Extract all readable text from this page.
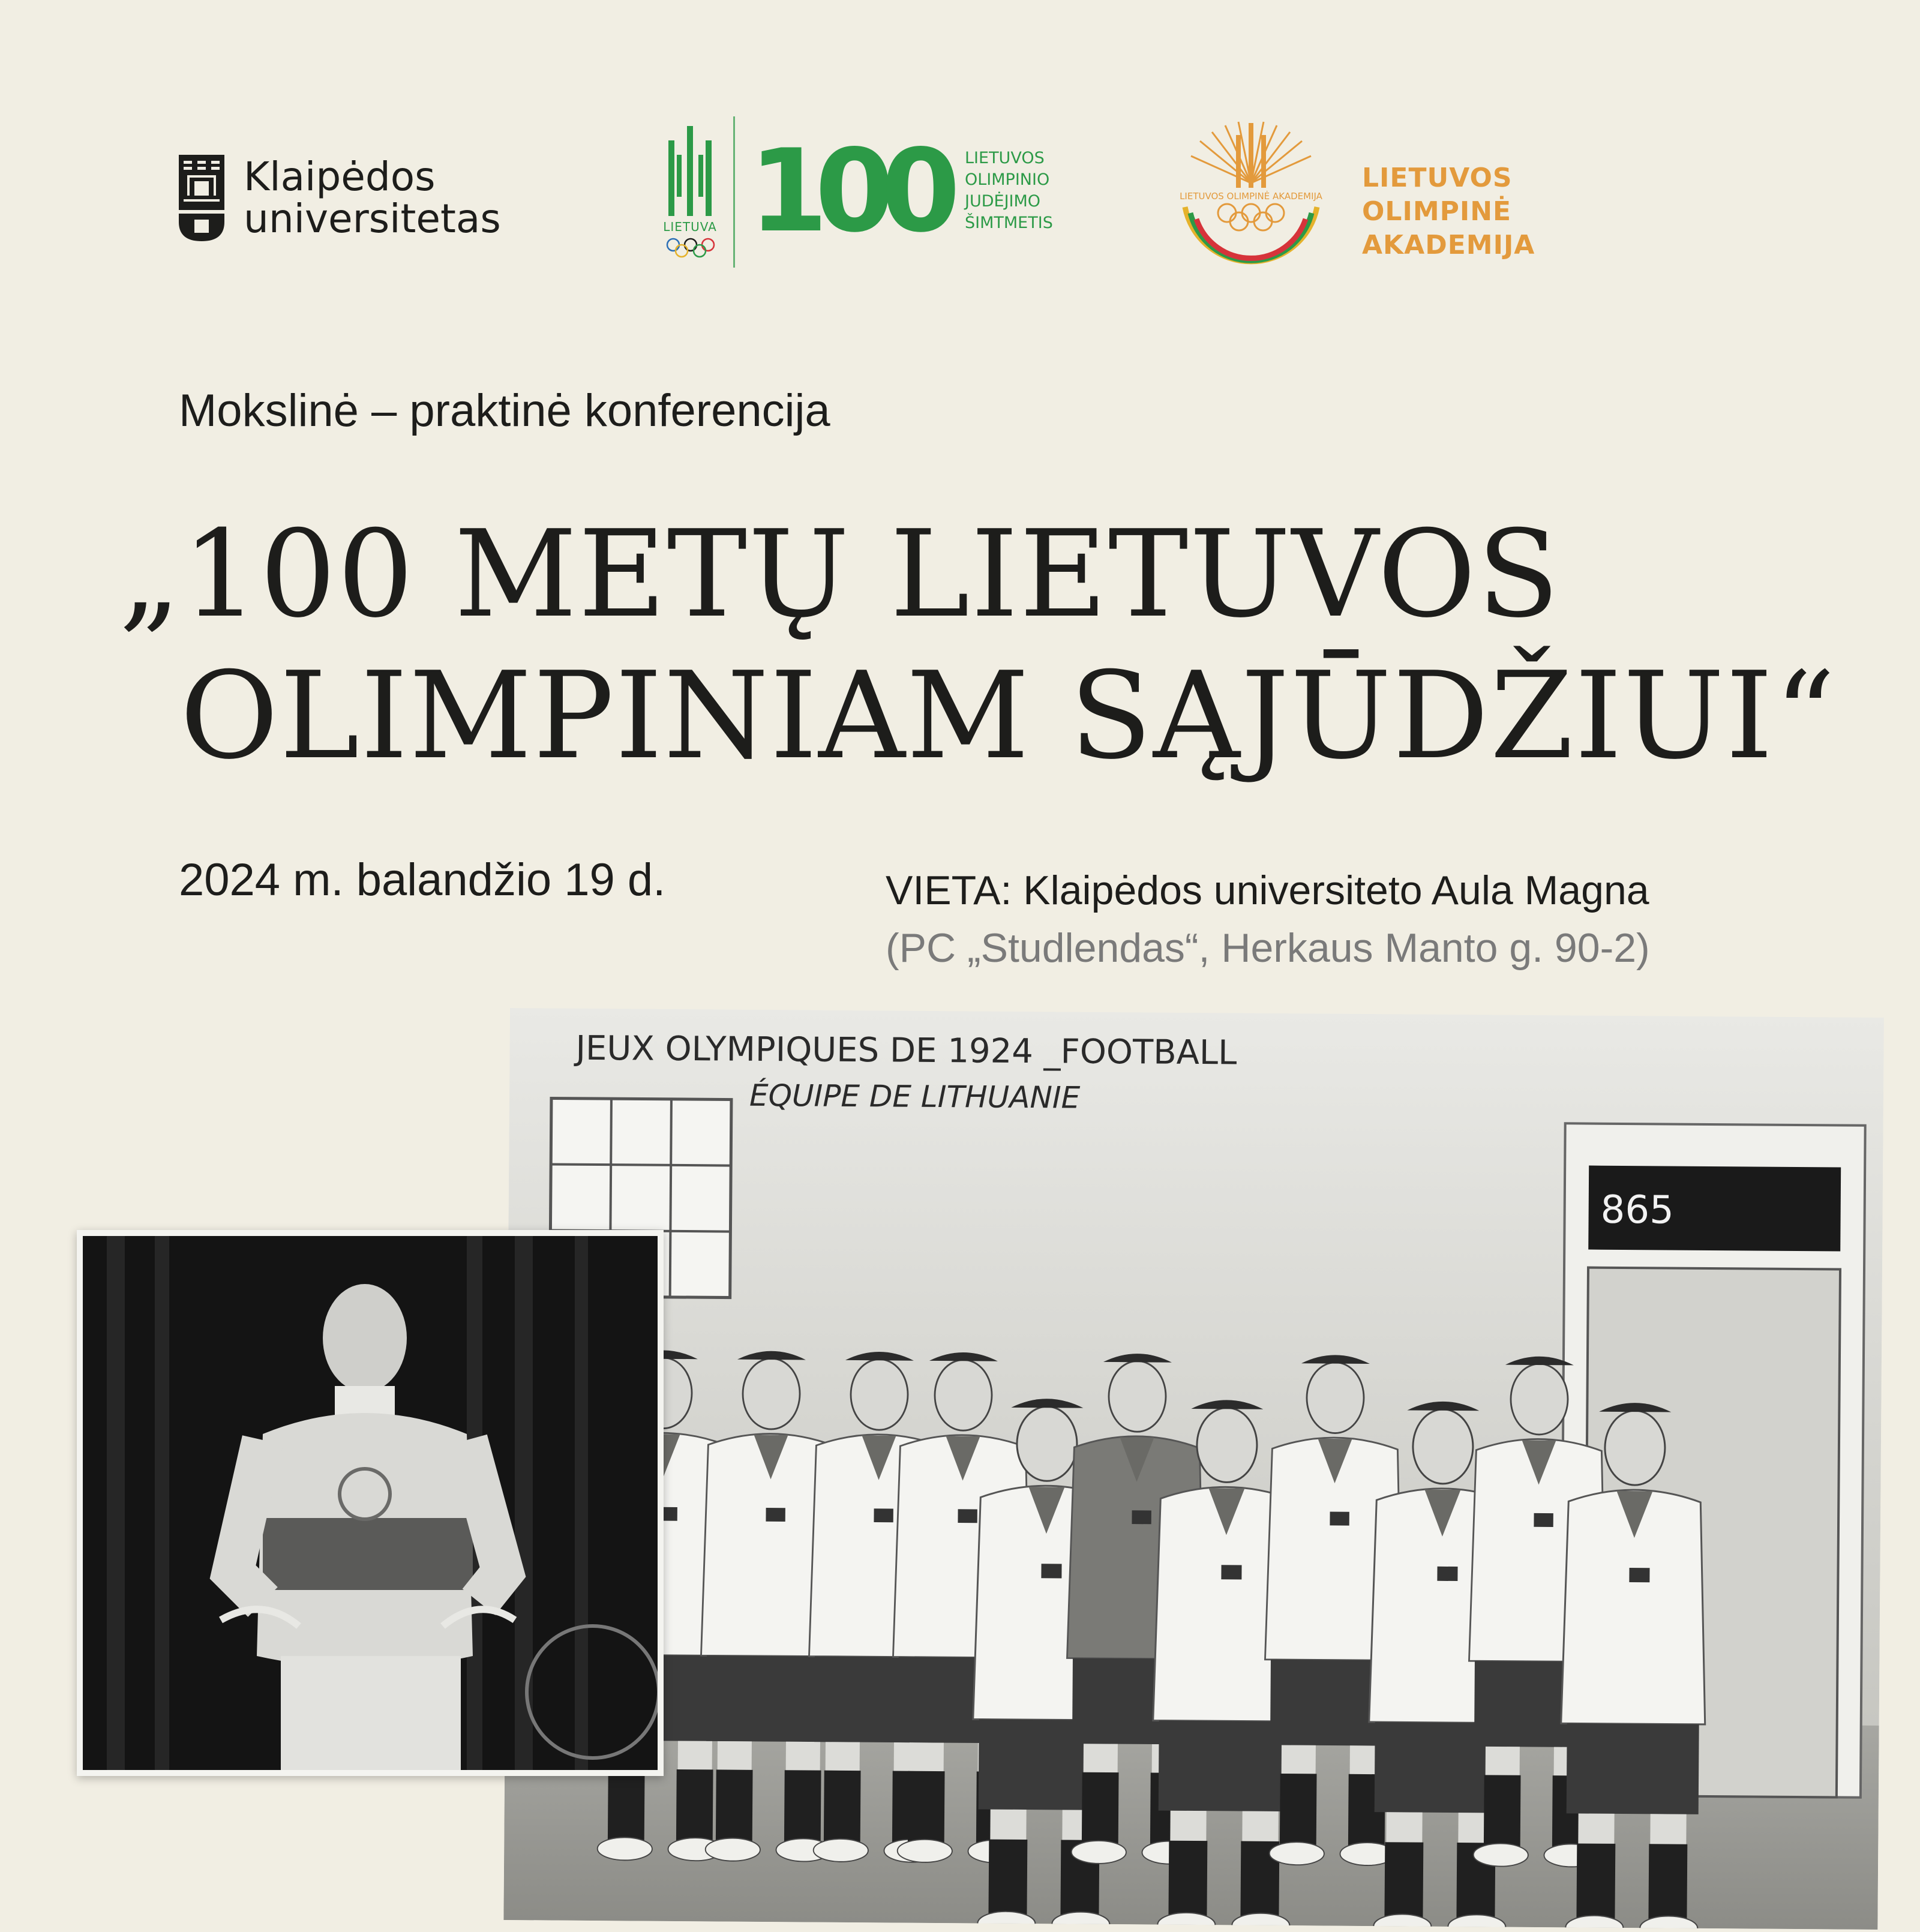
Klaipėdos
universitetas	LIETUVA 100 LIETUVOS
OLIMPINIO
JUDĖJIMO
ŠIMTMETIS
LIETUVOS OLIMPINĖ AKADEMIJA
LIETUVOS
OLIMPINĖ AKADEMIJA
Mokslinė – praktinė konferencija
„100 METŲ LIETUVOS
OLIMPINIAM SĄJŪDŽIUI“
2024 m. balandžio 19 d.	VIETA: Klaipėdos universiteto Aula Magna
(PC „Studlendas“, Herkaus Manto g. 90-2)
865
JEUX OLYMPIQUES DE 1924 _FOOTBALL
ÉQUIPE DE LITHUANIE
